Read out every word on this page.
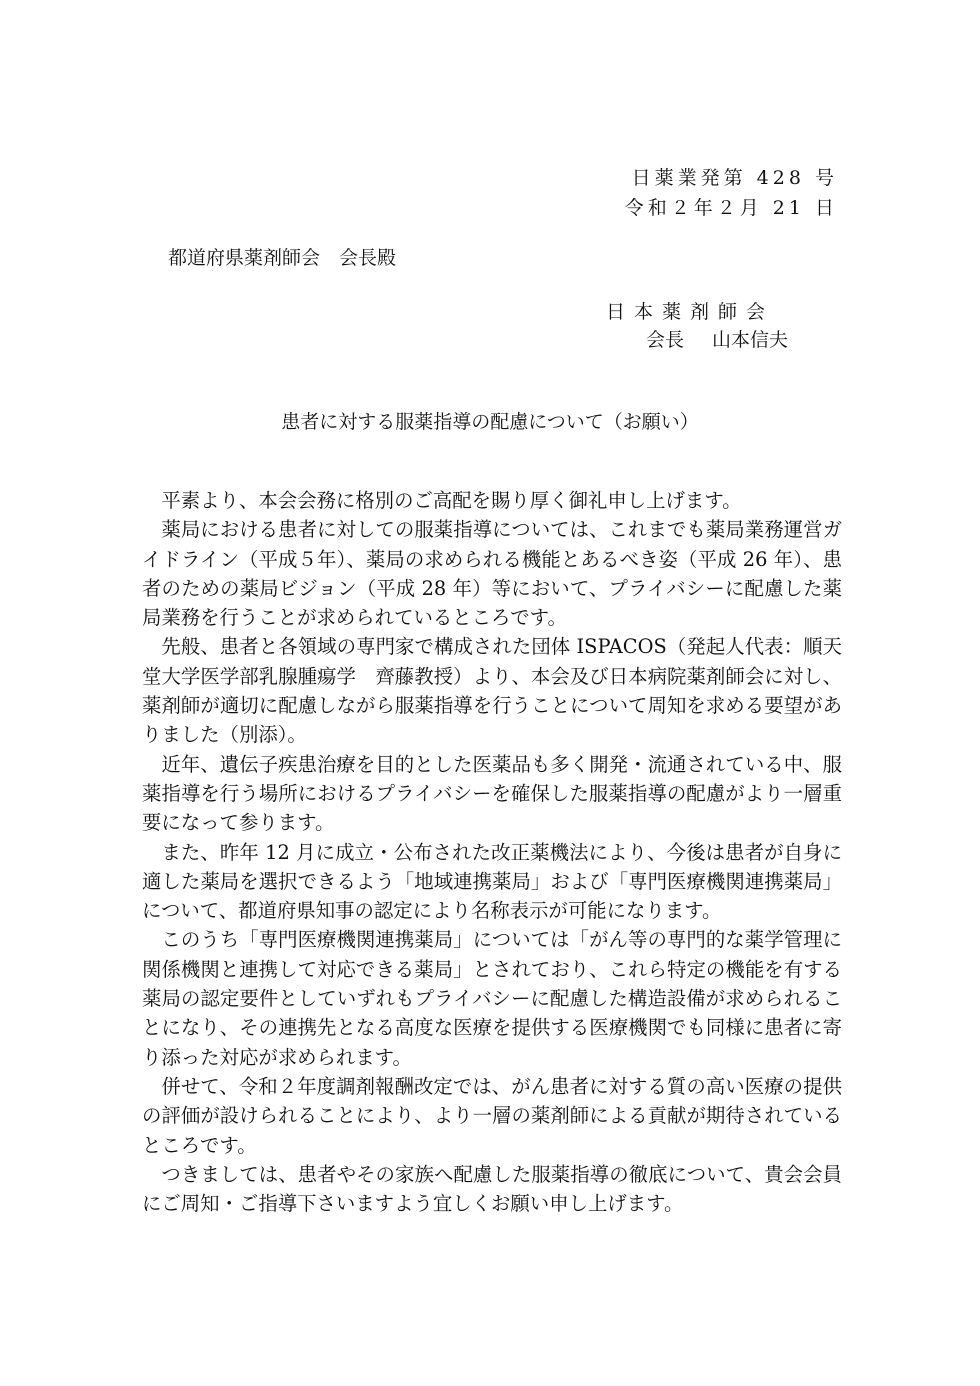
日薬業発第 428 号
令和２年２月 21 日
都道府県薬剤師会　会長殿
日本薬剤師会
会長 山本信夫
患者に対する服薬指導の配慮について（お願い）

平素より、本会会務に格別のご高配を賜り厚く御礼申し上げます。

薬局における患者に対しての服薬指導については、これまでも薬局業務運営ガイドライン（平成５年）、薬局の求められる機能とあるべき姿（平成 26 年）、患者のための薬局ビジョン（平成 28 年）等において、プライバシーに配慮した薬局業務を行うことが求められているところです。

先般、患者と各領域の専門家で構成された団体 ISPACOS（発起人代表：順天堂大学医学部乳腺腫瘍学　齊藤教授）より、本会及び日本病院薬剤師会に対し、薬剤師が適切に配慮しながら服薬指導を行うことについて周知を求める要望がありました（別添）。

近年、遺伝子疾患治療を目的とした医薬品も多く開発・流通されている中、服薬指導を行う場所におけるプライバシーを確保した服薬指導の配慮がより一層重要になって参ります。

また、昨年 12 月に成立・公布された改正薬機法により、今後は患者が自身に適した薬局を選択できるよう「地域連携薬局」および「専門医療機関連携薬局」について、都道府県知事の認定により名称表示が可能になります。

このうち「専門医療機関連携薬局」については「がん等の専門的な薬学管理に関係機関と連携して対応できる薬局」とされており、これら特定の機能を有する薬局の認定要件としていずれもプライバシーに配慮した構造設備が求められることになり、その連携先となる高度な医療を提供する医療機関でも同様に患者に寄り添った対応が求められます。

併せて、令和２年度調剤報酬改定では、がん患者に対する質の高い医療の提供の評価が設けられることにより、より一層の薬剤師による貢献が期待されているところです。

つきましては、患者やその家族へ配慮した服薬指導の徹底について、貴会会員にご周知・ご指導下さいますよう宜しくお願い申し上げます。
